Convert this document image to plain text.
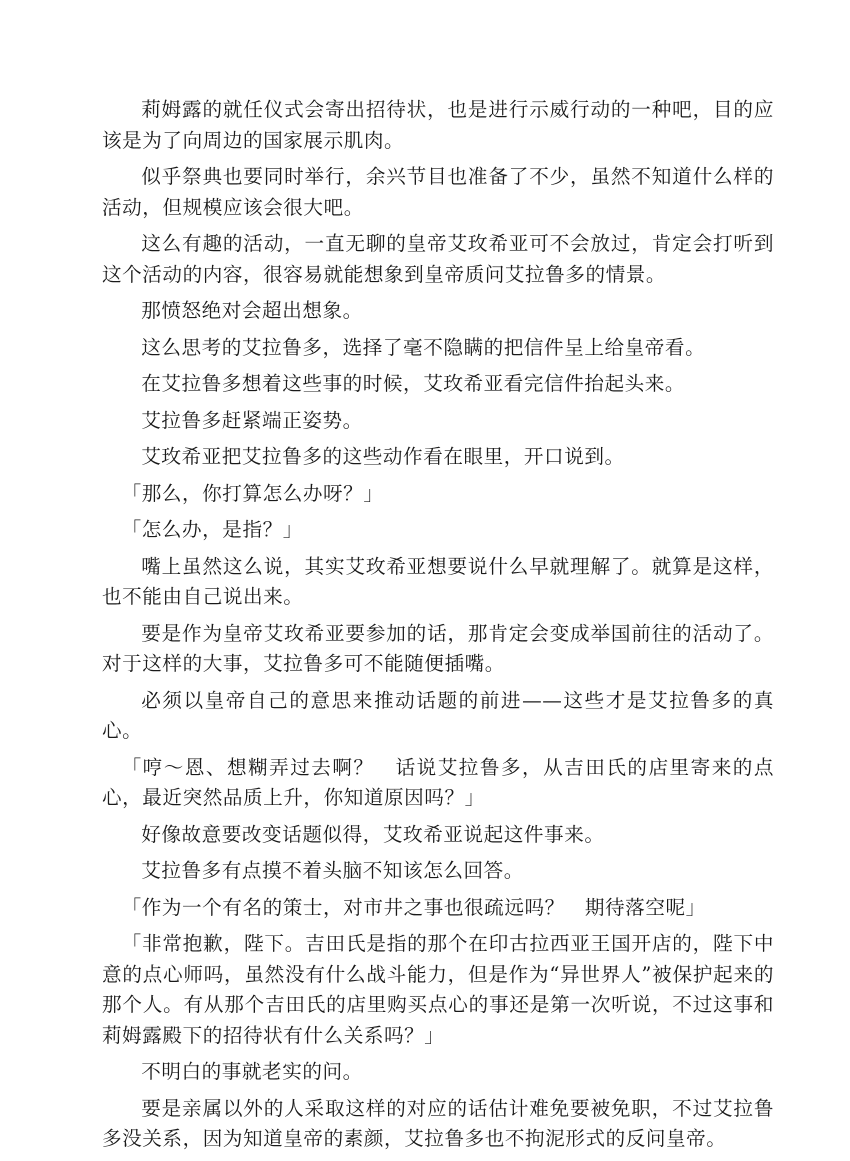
莉姆露的就任仪式会寄出招待状，也是进行示威行动的一种吧，目的应该是为了向周边的国家展示肌肉。

似乎祭典也要同时举行，余兴节目也准备了不少，虽然不知道什么样的活动，但规模应该会很大吧。

这么有趣的活动，一直无聊的皇帝艾玫希亚可不会放过，肯定会打听到这个活动的内容，很容易就能想象到皇帝质问艾拉鲁多的情景。

那愤怒绝对会超出想象。

这么思考的艾拉鲁多，选择了毫不隐瞒的把信件呈上给皇帝看。

在艾拉鲁多想着这些事的时候，艾玫希亚看完信件抬起头来。

艾拉鲁多赶紧端正姿势。

艾玫希亚把艾拉鲁多的这些动作看在眼里，开口说到。

「那么，你打算怎么办呀？」

「怎么办，是指？」

嘴上虽然这么说，其实艾玫希亚想要说什么早就理解了。就算是这样，也不能由自己说出来。

要是作为皇帝艾玫希亚要参加的话，那肯定会变成举国前往的活动了。对于这样的大事，艾拉鲁多可不能随便插嘴。

必须以皇帝自己的意思来推动话题的前进——这些才是艾拉鲁多的真心。

「哼～恩、想糊弄过去啊？　话说艾拉鲁多，从吉田氏的店里寄来的点心，最近突然品质上升，你知道原因吗？」

好像故意要改变话题似得，艾玫希亚说起这件事来。

艾拉鲁多有点摸不着头脑不知该怎么回答。

「作为一个有名的策士，对市井之事也很疏远吗？　期待落空呢」

「非常抱歉，陛下。吉田氏是指的那个在印古拉西亚王国开店的，陛下中意的点心师吗，虽然没有什么战斗能力，但是作为“异世界人”被保护起来的那个人。有从那个吉田氏的店里购买点心的事还是第一次听说，不过这事和莉姆露殿下的招待状有什么关系吗？」

不明白的事就老实的问。

要是亲属以外的人采取这样的对应的话估计难免要被免职，不过艾拉鲁多没关系，因为知道皇帝的素颜，艾拉鲁多也不拘泥形式的反问皇帝。
